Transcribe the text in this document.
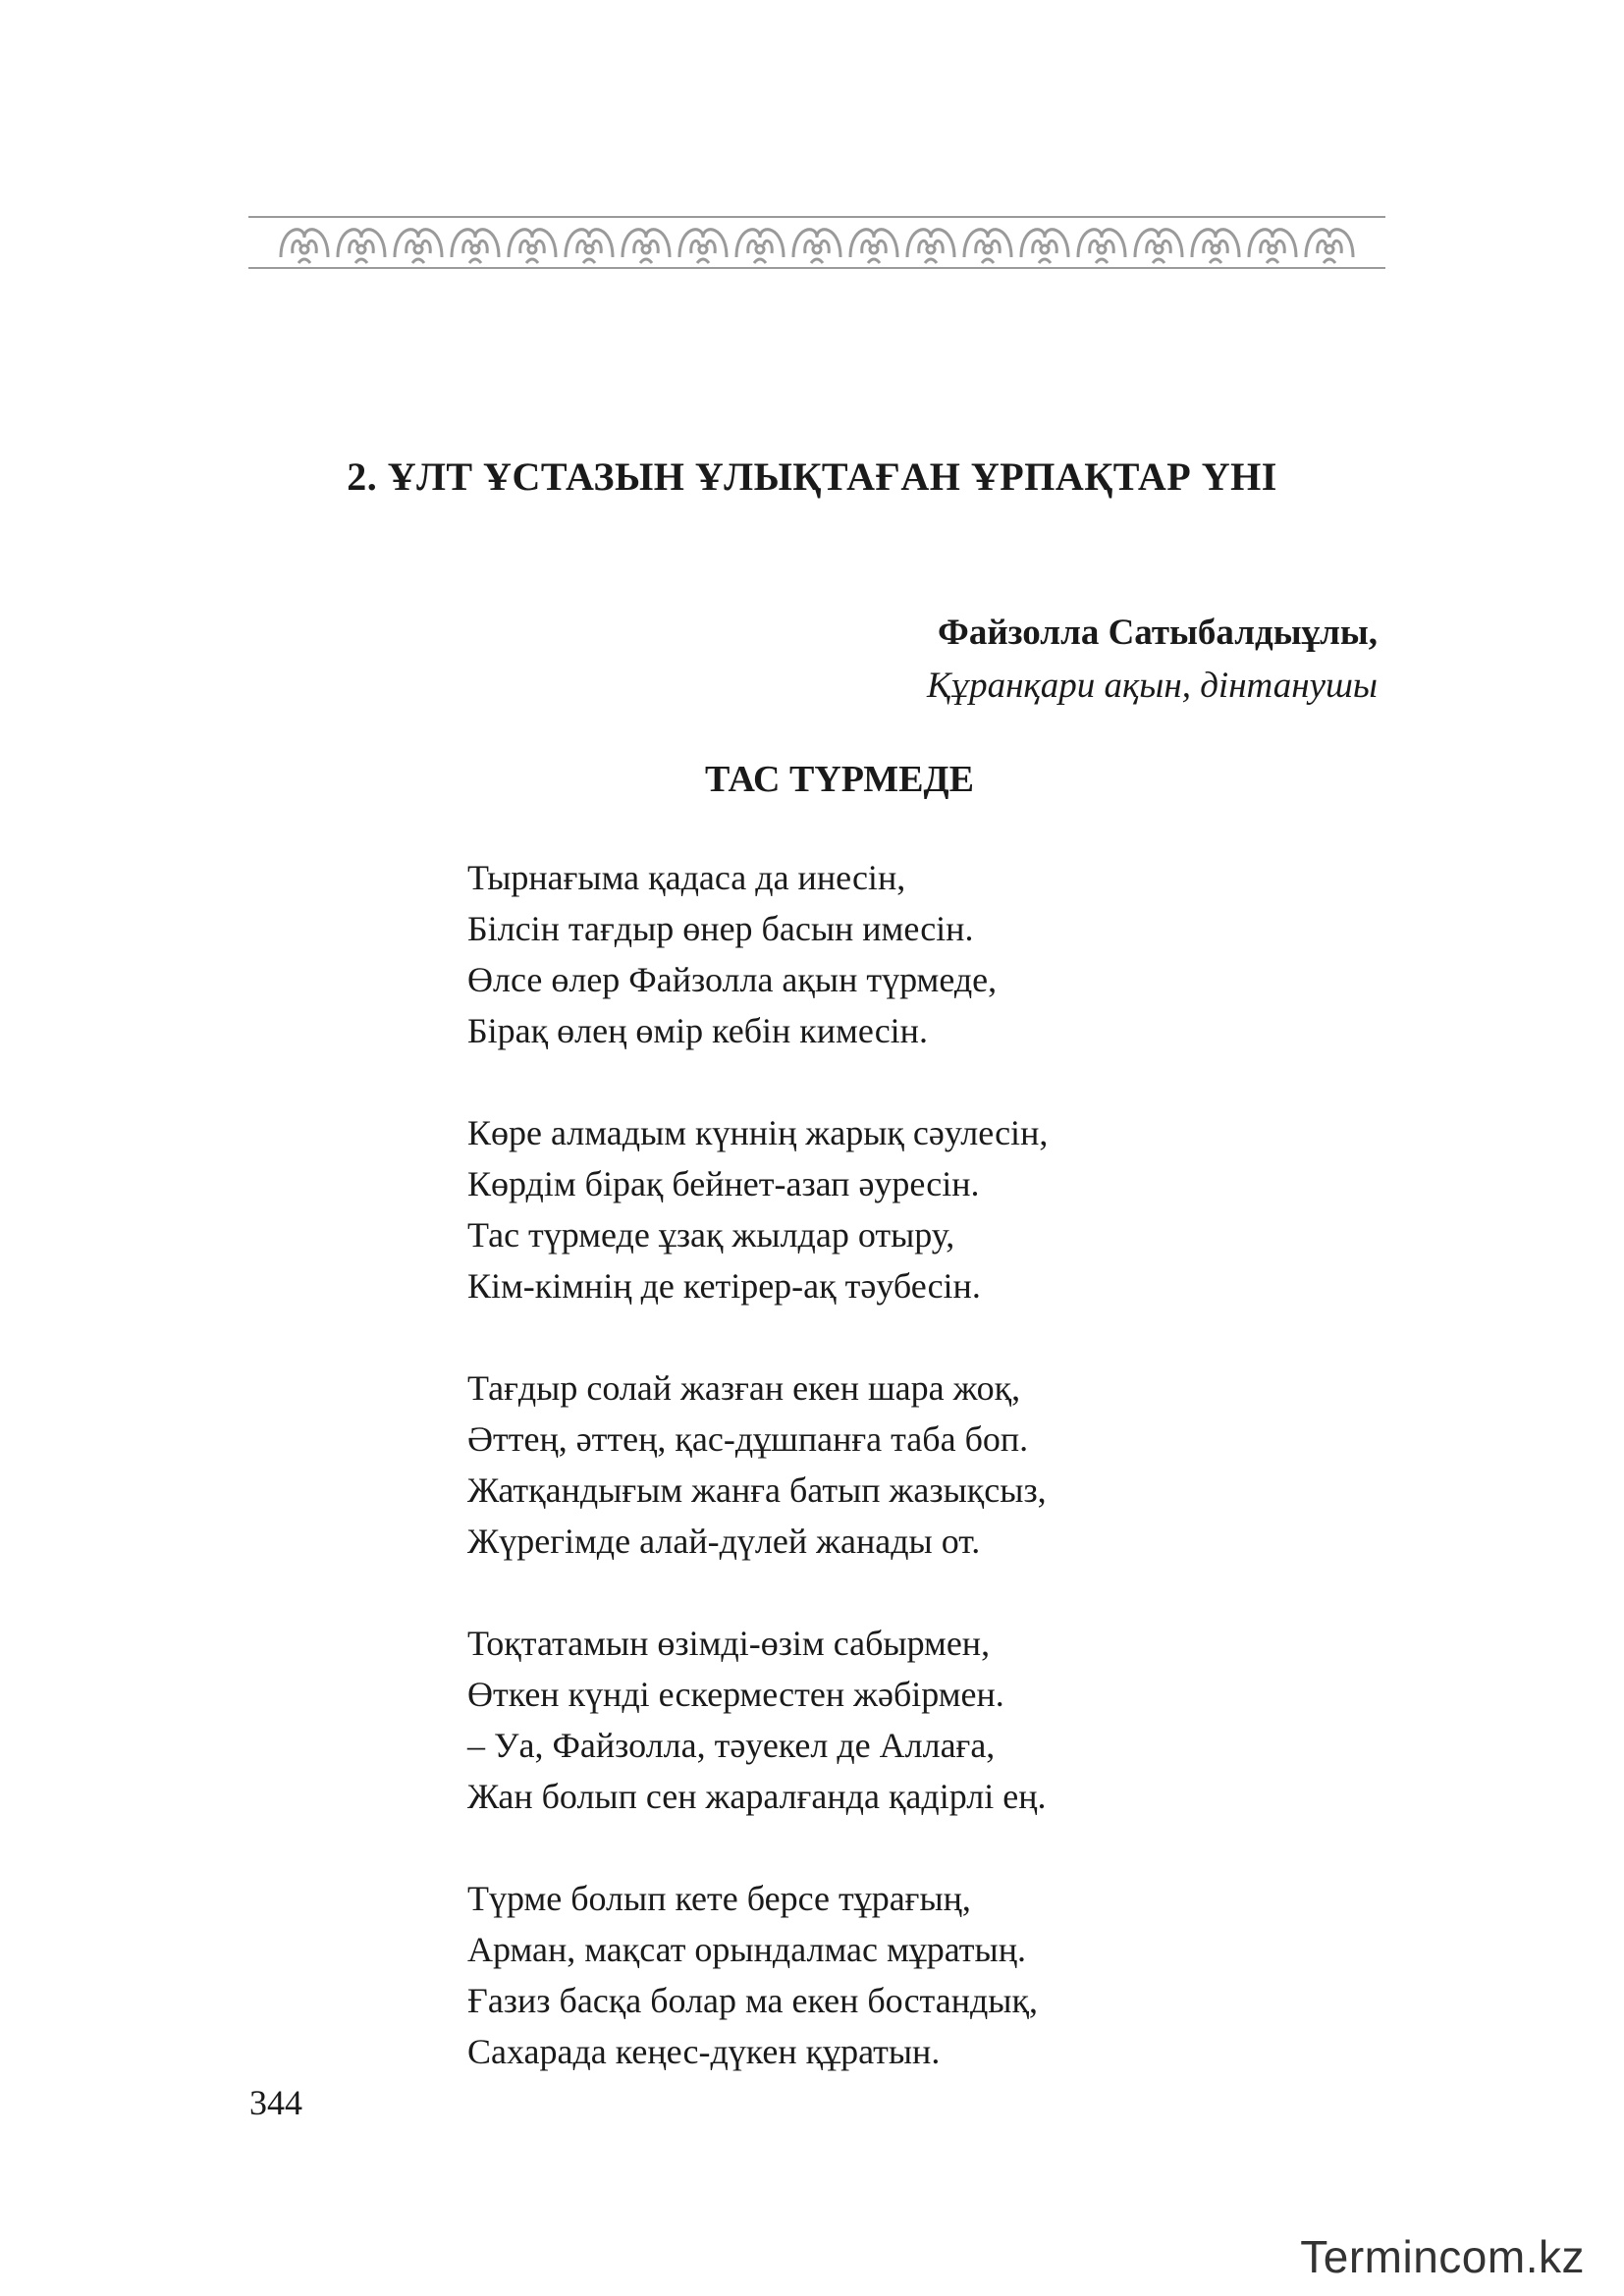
2. ҰЛТ ҰСТАЗЫН ҰЛЫҚТАҒАН ҰРПАҚТАР ҮНІ
Файзолла Сатыбалдыұлы,
Құранқари ақын, дінтанушы
ТАС ТҮРМЕДЕ
Тырнағыма қадаса да инесін,
Білсін тағдыр өнер басын имесін.
Өлсе өлер Файзолла ақын түрмеде,
Бірақ өлең өмір кебін кимесін.
Көре алмадым күннің жарық сәулесін,
Көрдім бірақ бейнет-азап әуресін.
Тас түрмеде ұзақ жылдар отыру,
Кім-кімнің де кетірер-ақ тәубесін.
Тағдыр солай жазған екен шара жоқ,
Әттең, әттең, қас-дұшпанға таба боп.
Жатқандығым жанға батып жазықсыз,
Жүрегімде алай-дүлей жанады от.
Тоқтатамын өзімді-өзім сабырмен,
Өткен күнді ескерместен жәбірмен.
– Уа, Файзолла, тәуекел де Аллаға,
Жан болып сен жаралғанда қадірлі ең.
Түрме болып кете берсе тұрағың,
Арман, мақсат орындалмас мұратың.
Ғазиз басқа болар ма екен бостандық,
Сахарада кеңес-дүкен құратын.
344
Termincom.kz
